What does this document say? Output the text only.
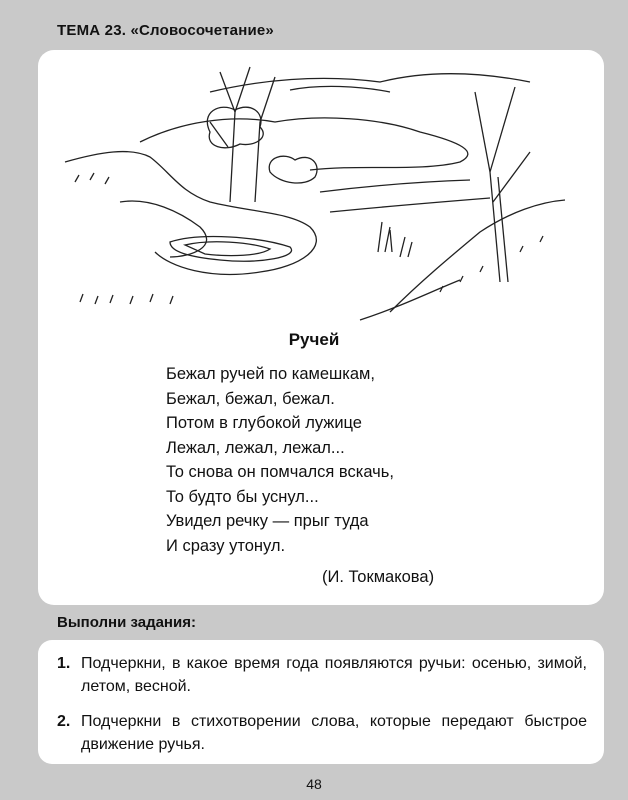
ТЕМА 23. «Словосочетание»
Ручей
Бежал ручей по камешкам,
Бежал, бежал, бежал.
Потом в глубокой лужице
Лежал, лежал, лежал...
То снова он помчался вскачь,
То будто бы уснул...
Увидел речку — прыг туда
И сразу утонул.
(И. Токмакова)
Выполни задания:
1. Подчеркни, в какое время года появляются ручьи: осенью, зимой, летом, весной.
2. Подчеркни в стихотворении слова, которые передают быстрое движение ручья.
48
